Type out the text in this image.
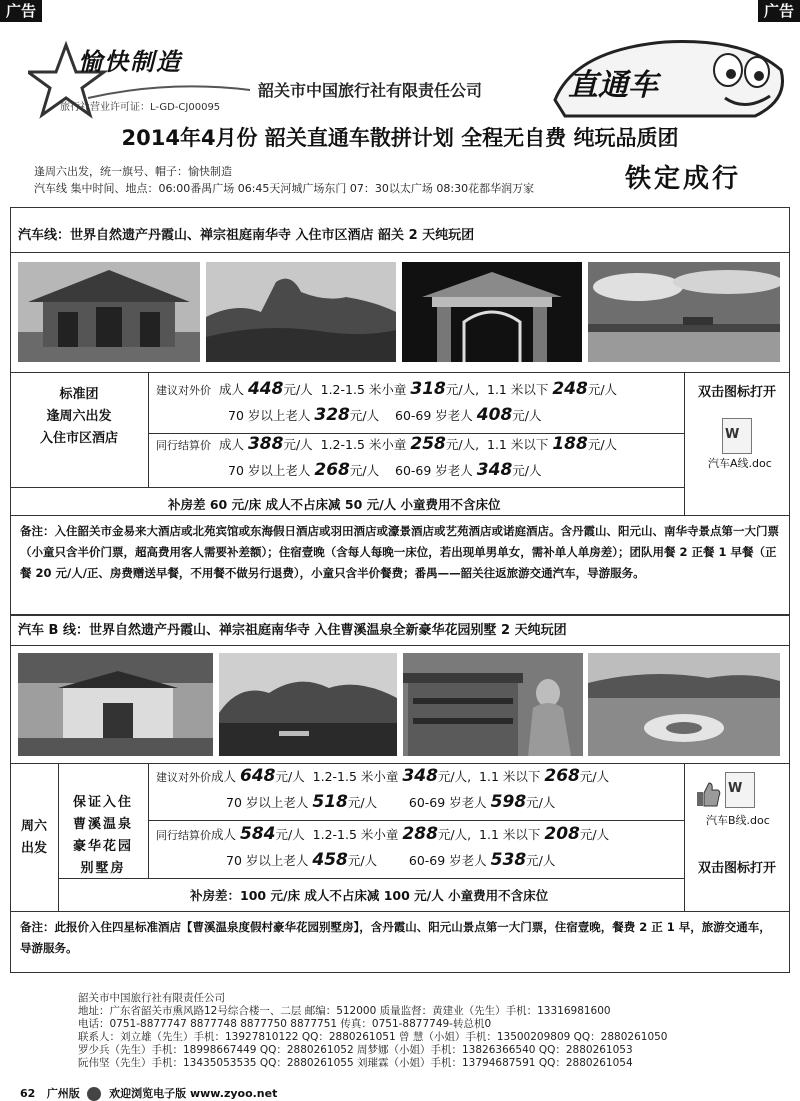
广告	广告
愉快制造
旅行社营业许可证：L-GD-CJ00095
韶关市中国旅行社有限责任公司	直通车
2014年4月份 韶关直通车散拼计划 全程无自费 纯玩品质团
逢周六出发，统一旗号、帽子：愉快制造
汽车线 集中时间、地点：06:00番禺广场 06:45天河城广场东门 07：30以太广场 08:30花都华润万家	铁定成行
汽车线：世界自然遗产丹霞山、禅宗祖庭南华寺 入住市区酒店 韶关 2 天纯玩团
标准团
逢周六出发
入住市区酒店
建议对外价 成人 448元/人 1.2-1.5 米小童 318元/人, 1.1 米以下 248元/人
70 岁以上老人 328元/人 60-69 岁老人 408元/人
同行结算价 成人 388元/人 1.2-1.5 米小童 258元/人, 1.1 米以下 188元/人
70 岁以上老人 268元/人 60-69 岁老人 348元/人
双击图标打开
W
汽车A线.doc
补房差 60 元/床 成人不占床减 50 元/人 小童费用不含床位
备注：入住韶关市金易来大酒店或北苑宾馆或东海假日酒店或羽田酒店或濠景酒店或艺苑酒店或诺庭酒店。含丹霞山、阳元山、南华寺景点第一大门票 （小童只含半价门票，超高费用客人需要补差额）；住宿壹晚（含每人每晚一床位，若出现单男单女，需补单人单房差）；团队用餐 2 正餐 1 早餐（正餐 20 元/人/正、房费赠送早餐，不用餐不做另行退费），小童只含半价餐费；番禺——韶关往返旅游交通汽车，导游服务。
汽车 B 线：世界自然遗产丹霞山、禅宗祖庭南华寺 入住曹溪温泉全新豪华花园别墅 2 天纯玩团
周六
出发
保证入住
曹溪温泉
豪华花园
别墅房
建议对外价成人 648元/人 1.2-1.5 米小童 348元/人, 1.1 米以下 268元/人
70 岁以上老人 518元/人	60-69 岁老人 598元/人
同行结算价成人 584元/人 1.2-1.5 米小童 288元/人, 1.1 米以下 208元/人
70 岁以上老人 458元/人	60-69 岁老人 538元/人
W
汽车B线.doc
双击图标打开
补房差：100 元/床 成人不占床减 100 元/人 小童费用不含床位
备注：此报价入住四星标准酒店【曹溪温泉度假村豪华花园别墅房】，含丹霞山、阳元山景点第一大门票，住宿壹晚，餐费 2 正 1 早，旅游交通车，导游服务。
韶关市中国旅行社有限责任公司
地址：广东省韶关市熏风路12号综合楼一、二层 邮编：512000 质量监督：黄建业（先生）手机：13316981600
电话：0751-8877747 8877748 8877750 8877751 传真：0751-8877749-转总机0
联系人：刘立雄（先生）手机：13927810122 QQ：2880261051 曾 慧（小姐）手机：13500209809 QQ：2880261050
罗少兵（先生）手机：18998667449 QQ：2880261052 周梦娜（小姐）手机：13826366540 QQ：2880261053
阮伟坚（先生）手机：13435053535 QQ：2880261055 刘璀霖（小姐）手机：13794687591 QQ：2880261054
62 广州版	欢迎浏览电子版 www.zyoo.net
